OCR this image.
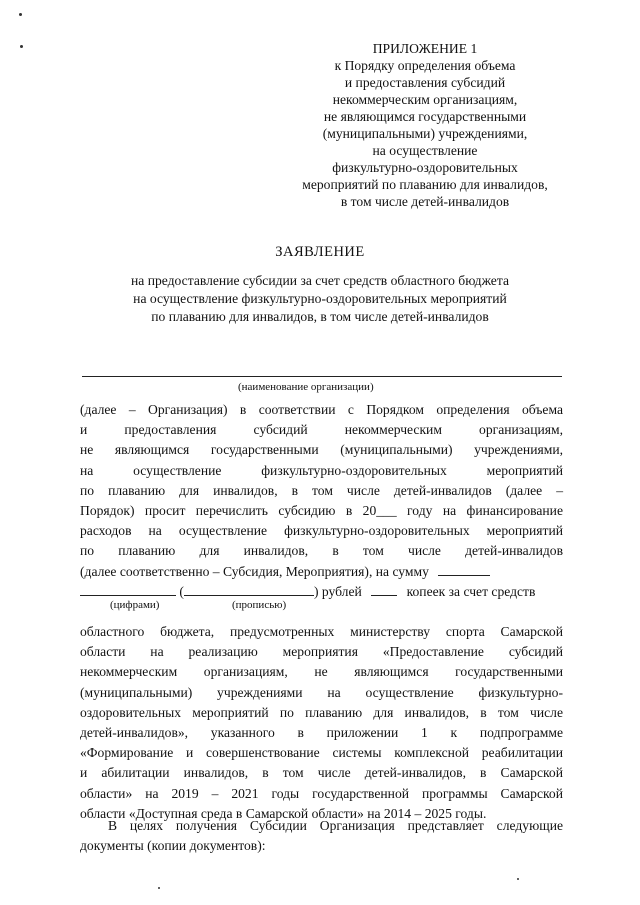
ПРИЛОЖЕНИЕ 1
к Порядку определения объема
и предоставления субсидий
некоммерческим организациям,
не являющимся государственными
(муниципальными) учреждениями,
на осуществление
физкультурно-оздоровительных
мероприятий по плаванию для инвалидов,
в том числе детей-инвалидов
ЗАЯВЛЕНИЕ
на предоставление субсидии за счет средств областного бюджета
на осуществление физкультурно-оздоровительных мероприятий
по плаванию для инвалидов, в том числе детей-инвалидов
(наименование организации)
(далее – Организация) в соответствии с Порядком определения объема
и предоставления субсидий некоммерческим организациям,
не являющимся государственными (муниципальными) учреждениями,
на осуществление физкультурно-оздоровительных мероприятий
по плаванию для инвалидов, в том числе детей-инвалидов (далее –
Порядок) просит перечислить субсидию в 20___ году на финансирование
расходов на осуществление физкультурно-оздоровительных мероприятий
по плаванию для инвалидов, в том числе детей-инвалидов
(далее соответственно – Субсидия, Мероприятия), на сумму
(	) рублей	копеек за счет средств
(цифрами)	(прописью)
областного бюджета, предусмотренных министерству спорта Самарской
области на реализацию мероприятия «Предоставление субсидий
некоммерческим организациям, не являющимся государственными
(муниципальными) учреждениями на осуществление физкультурно-
оздоровительных мероприятий по плаванию для инвалидов, в том числе
детей-инвалидов», указанного в приложении 1 к подпрограмме
«Формирование и совершенствование системы комплексной реабилитации
и абилитации инвалидов, в том числе детей-инвалидов, в Самарской
области» на 2019 – 2021 годы государственной программы Самарской
области «Доступная среда в Самарской области» на 2014 – 2025 годы.
В целях получения Субсидии Организация представляет следующие
документы (копии документов):
